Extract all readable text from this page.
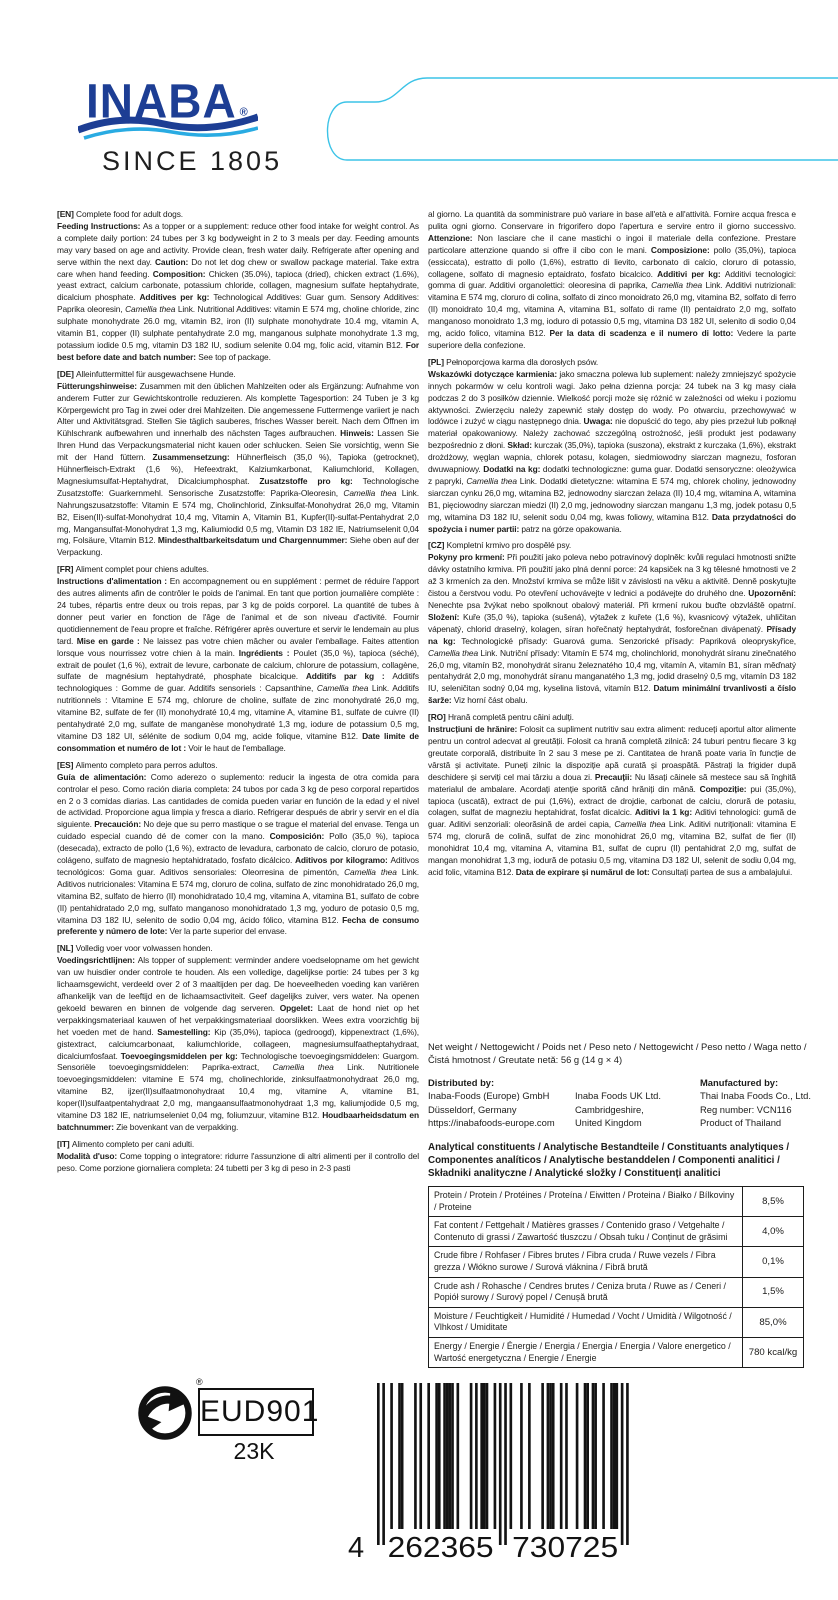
INABA ®
SINCE 1805
[EN] Complete food for adult dogs.
Feeding Instructions: As a topper or a supplement: reduce other food intake for weight control. As a complete daily portion: 24 tubes per 3 kg bodyweight in 2 to 3 meals per day. Feeding amounts may vary based on age and activity. Provide clean, fresh water daily. Refrigerate after opening and serve within the next day. Caution: Do not let dog chew or swallow package material. Take extra care when hand feeding. Composition: Chicken (35.0%), tapioca (dried), chicken extract (1.6%), yeast extract, calcium carbonate, potassium chloride, collagen, magnesium sulfate heptahydrate, dicalcium phosphate. Additives per kg: Technological Additives: Guar gum. Sensory Additives: Paprika oleoresin, Camellia thea Link. Nutritional Additives: vitamin E 574 mg, choline chloride, zinc sulphate monohydrate 26.0 mg, vitamin B2, iron (II) sulphate monohydrate 10.4 mg, vitamin A, vitamin B1, copper (II) sulphate pentahydrate 2.0 mg, manganous sulphate monohydrate 1.3 mg, potassium iodide 0.5 mg, vitamin D3 182 IU, sodium selenite 0.04 mg, folic acid, vitamin B12. For best before date and batch number: See top of package.
[DE] Alleinfuttermittel für ausgewachsene Hunde.
Fütterungshinweise: Zusammen mit den üblichen Mahlzeiten oder als Ergänzung: Aufnahme von anderem Futter zur Gewichtskontrolle reduzieren. Als komplette Tagesportion: 24 Tuben je 3 kg Körpergewicht pro Tag in zwei oder drei Mahlzeiten. Die angemessene Futtermenge variiert je nach Alter und Aktivitätsgrad. Stellen Sie täglich sauberes, frisches Wasser bereit. Nach dem Öffnen im Kühlschrank aufbewahren und innerhalb des nächsten Tages aufbrauchen. Hinweis: Lassen Sie Ihren Hund das Verpackungsmaterial nicht kauen oder schlucken. Seien Sie vorsichtig, wenn Sie mit der Hand füttern. Zusammensetzung: Hühnerfleisch (35,0 %), Tapioka (getrocknet), Hühnerfleisch-Extrakt (1,6 %), Hefeextrakt, Kalziumkarbonat, Kaliumchlorid, Kollagen, Magnesiumsulfat-Heptahydrat, Dicalciumphosphat. Zusatzstoffe pro kg: Technologische Zusatzstoffe: Guarkernmehl. Sensorische Zusatzstoffe: Paprika-Oleoresin, Camellia thea Link. Nahrungszusatzstoffe: Vitamin E 574 mg, Cholinchlorid, Zinksulfat-Monohydrat 26,0 mg, Vitamin B2, Eisen(II)-sulfat-Monohydrat 10,4 mg, Vitamin A, Vitamin B1, Kupfer(II)-sulfat-Pentahydrat 2,0 mg, Mangansulfat-Monohydrat 1,3 mg, Kaliumiodid 0,5 mg, Vitamin D3 182 IE, Natriumselenit 0,04 mg, Folsäure, Vitamin B12. Mindesthaltbarkeitsdatum und Chargennummer: Siehe oben auf der Verpackung.
[FR] Aliment complet pour chiens adultes.
Instructions d'alimentation : En accompagnement ou en supplément : permet de réduire l'apport des autres aliments afin de contrôler le poids de l'animal. En tant que portion journalière complète : 24 tubes, répartis entre deux ou trois repas, par 3 kg de poids corporel. La quantité de tubes à donner peut varier en fonction de l'âge de l'animal et de son niveau d'activité. Fournir quotidiennement de l'eau propre et fraîche. Réfrigérer après ouverture et servir le lendemain au plus tard. Mise en garde : Ne laissez pas votre chien mâcher ou avaler l'emballage. Faites attention lorsque vous nourrissez votre chien à la main. Ingrédients : Poulet (35,0 %), tapioca (séché), extrait de poulet (1,6 %), extrait de levure, carbonate de calcium, chlorure de potassium, collagène, sulfate de magnésium heptahydraté, phosphate bicalcique. Additifs par kg : Additifs technologiques : Gomme de guar. Additifs sensoriels : Capsanthine, Camellia thea Link. Additifs nutritionnels : Vitamine E 574 mg, chlorure de choline, sulfate de zinc monohydraté 26,0 mg, vitamine B2, sulfate de fer (II) monohydraté 10,4 mg, vitamine A, vitamine B1, sulfate de cuivre (II) pentahydraté 2,0 mg, sulfate de manganèse monohydraté 1,3 mg, iodure de potassium 0,5 mg, vitamine D3 182 UI, sélénite de sodium 0,04 mg, acide folique, vitamine B12. Date limite de consommation et numéro de lot : Voir le haut de l'emballage.
[ES] Alimento completo para perros adultos.
Guía de alimentación: Como aderezo o suplemento: reducir la ingesta de otra comida para controlar el peso. Como ración diaria completa: 24 tubos por cada 3 kg de peso corporal repartidos en 2 o 3 comidas diarias. Las cantidades de comida pueden variar en función de la edad y el nivel de actividad. Proporcione agua limpia y fresca a diario. Refrigerar después de abrir y servir en el día siguiente. Precaución: No deje que su perro mastique o se trague el material del envase. Tenga un cuidado especial cuando dé de comer con la mano. Composición: Pollo (35,0 %), tapioca (desecada), extracto de pollo (1,6 %), extracto de levadura, carbonato de calcio, cloruro de potasio, colágeno, sulfato de magnesio heptahidratado, fosfato dicálcico. Aditivos por kilogramo: Aditivos tecnológicos: Goma guar. Aditivos sensoriales: Oleorresina de pimentón, Camellia thea Link. Aditivos nutricionales: Vitamina E 574 mg, cloruro de colina, sulfato de zinc monohidratado 26,0 mg, vitamina B2, sulfato de hierro (II) monohidratado 10,4 mg, vitamina A, vitamina B1, sulfato de cobre (II) pentahidratado 2,0 mg, sulfato manganoso monohidratado 1,3 mg, yoduro de potasio 0,5 mg, vitamina D3 182 IU, selenito de sodio 0,04 mg, ácido fólico, vitamina B12. Fecha de consumo preferente y número de lote: Ver la parte superior del envase.
[NL] Volledig voer voor volwassen honden.
Voedingsrichtlijnen: Als topper of supplement: verminder andere voedselopname om het gewicht van uw huisdier onder controle te houden. Als een volledige, dagelijkse portie: 24 tubes per 3 kg lichaamsgewicht, verdeeld over 2 of 3 maaltijden per dag. De hoeveelheden voeding kan variëren afhankelijk van de leeftijd en de lichaamsactiviteit. Geef dagelijks zuiver, vers water. Na openen gekoeld bewaren en binnen de volgende dag serveren. Opgelet: Laat de hond niet op het verpakkingsmateriaal kauwen of het verpakkingsmateriaal doorslikken. Wees extra voorzichtig bij het voeden met de hand. Samestelling: Kip (35,0%), tapioca (gedroogd), kippenextract (1,6%), gistextract, calciumcarbonaat, kaliumchloride, collageen, magnesiumsulfaatheptahydraat, dicalciumfosfaat. Toevoegingsmiddelen per kg: Technologische toevoegingsmiddelen: Guargom. Sensoriële toevoegingsmiddelen: Paprika-extract, Camellia thea Link. Nutritionele toevoegingsmiddelen: vitamine E 574 mg, cholinechloride, zinksulfaatmonohydraat 26,0 mg, vitamine B2, ijzer(II)sulfaatmonohydraat 10,4 mg, vitamine A, vitamine B1, koper(II)sulfaatpentahydraat 2,0 mg, mangaansulfaatmonohydraat 1,3 mg, kaliumjodide 0,5 mg, vitamine D3 182 IE, natriumseleniet 0,04 mg, foliumzuur, vitamine B12. Houdbaarheidsdatum en batchnummer: Zie bovenkant van de verpakking.
[IT] Alimento completo per cani adulti.
Modalità d'uso: Come topping o integratore: ridurre l'assunzione di altri alimenti per il controllo del peso. Come porzione giornaliera completa: 24 tubetti per 3 kg di peso in 2-3 pasti
al giorno. La quantità da somministrare può variare in base all'età e all'attività. Fornire acqua fresca e pulita ogni giorno. Conservare in frigorifero dopo l'apertura e servire entro il giorno successivo. Attenzione: Non lasciare che il cane mastichi o ingoi il materiale della confezione. Prestare particolare attenzione quando si offre il cibo con le mani. Composizione: pollo (35,0%), tapioca (essiccata), estratto di pollo (1,6%), estratto di lievito, carbonato di calcio, cloruro di potassio, collagene, solfato di magnesio eptaidrato, fosfato bicalcico. Additivi per kg: Additivi tecnologici: gomma di guar. Additivi organolettici: oleoresina di paprika, Camellia thea Link. Additivi nutrizionali: vitamina E 574 mg, cloruro di colina, solfato di zinco monoidrato 26,0 mg, vitamina B2, solfato di ferro (II) monoidrato 10,4 mg, vitamina A, vitamina B1, solfato di rame (II) pentaidrato 2,0 mg, solfato manganoso monoidrato 1,3 mg, ioduro di potassio 0,5 mg, vitamina D3 182 UI, selenito di sodio 0,04 mg, acido folico, vitamina B12. Per la data di scadenza e il numero di lotto: Vedere la parte superiore della confezione.
[PL] Pełnoporcjowa karma dla dorosłych psów.
Wskazówki dotyczące karmienia: jako smaczna polewa lub suplement: należy zmniejszyć spożycie innych pokarmów w celu kontroli wagi. Jako pełna dzienna porcja: 24 tubek na 3 kg masy ciała podczas 2 do 3 posiłków dziennie. Wielkość porcji może się różnić w zależności od wieku i poziomu aktywności. Zwierzęciu należy zapewnić stały dostęp do wody. Po otwarciu, przechowywać w lodówce i zużyć w ciągu następnego dnia. Uwaga: nie dopuścić do tego, aby pies przeżuł lub połknął materiał opakowaniowy. Należy zachować szczególną ostrożność, jeśli produkt jest podawany bezpośrednio z dłoni. Skład: kurczak (35,0%), tapioka (suszona), ekstrakt z kurczaka (1,6%), ekstrakt drożdżowy, węglan wapnia, chlorek potasu, kolagen, siedmiowodny siarczan magnezu, fosforan dwuwapniowy. Dodatki na kg: dodatki technologiczne: guma guar. Dodatki sensoryczne: oleożywica z papryki, Camellia thea Link. Dodatki dietetyczne: witamina E 574 mg, chlorek choliny, jednowodny siarczan cynku 26,0 mg, witamina B2, jednowodny siarczan żelaza (II) 10,4 mg, witamina A, witamina B1, pięciowodny siarczan miedzi (II) 2,0 mg, jednowodny siarczan manganu 1,3 mg, jodek potasu 0,5 mg, witamina D3 182 IU, selenit sodu 0,04 mg, kwas foliowy, witamina B12. Data przydatności do spożycia i numer partii: patrz na górze opakowania.
[CZ] Kompletní krmivo pro dospělé psy.
Pokyny pro krmení: Při použití jako poleva nebo potravinový doplněk: kvůli regulaci hmotnosti snižte dávky ostatního krmiva. Při použití jako plná denní porce: 24 kapsiček na 3 kg tělesné hmotnosti ve 2 až 3 krmeních za den. Množství krmiva se může lišit v závislosti na věku a aktivitě. Denně poskytujte čistou a čerstvou vodu. Po otevření uchovávejte v lednici a podávejte do druhého dne. Upozornění: Nenechte psa žvýkat nebo spolknout obalový materiál. Při krmení rukou buďte obzvláště opatrní. Složení: Kuře (35,0 %), tapioka (sušená), výtažek z kuřete (1,6 %), kvasnicový výtažek, uhličitan vápenatý, chlorid draselný, kolagen, síran hořečnatý heptahydrát, fosforečnan divápenatý. Přísady na kg: Technologické přísady: Guarová guma. Senzorické přísady: Papriková oleopryskyřice, Camellia thea Link. Nutriční přísady: Vitamín E 574 mg, cholinchlorid, monohydrát síranu zinečnatého 26,0 mg, vitamín B2, monohydrát síranu železnatého 10,4 mg, vitamín A, vitamín B1, síran měďnatý pentahydrát 2,0 mg, monohydrát síranu manganatého 1,3 mg, jodid draselný 0,5 mg, vitamín D3 182 IU, seleničitan sodný 0,04 mg, kyselina listová, vitamín B12. Datum minimální trvanlivosti a číslo šarže: Viz horní část obalu.
[RO] Hrană completă pentru câini adulți.
Instrucțiuni de hrănire: Folosit ca supliment nutritiv sau extra aliment: reduceți aportul altor alimente pentru un control adecvat al greutății. Folosit ca hrană completă zilnică: 24 tuburi pentru fiecare 3 kg greutate corporală, distribuite în 2 sau 3 mese pe zi. Cantitatea de hrană poate varia în funcție de vârstă și activitate. Puneți zilnic la dispoziție apă curată și proaspătă. Păstrați la frigider după deschidere și serviți cel mai târziu a doua zi. Precauții: Nu lăsați câinele să mestece sau să înghită materialul de ambalare. Acordați atenție sporită când hrăniți din mână. Compoziție: pui (35,0%), tapioca (uscată), extract de pui (1,6%), extract de drojdie, carbonat de calciu, clorură de potasiu, colagen, sulfat de magneziu heptahidrat, fosfat dicalcic. Aditivi la 1 kg: Aditivi tehnologici: gumă de guar. Aditivi senzoriali: oleorăsină de ardei capia, Camellia thea Link. Aditivi nutriționali: vitamina E 574 mg, clorură de colină, sulfat de zinc monohidrat 26,0 mg, vitamina B2, sulfat de fier (II) monohidrat 10,4 mg, vitamina A, vitamina B1, sulfat de cupru (II) pentahidrat 2,0 mg, sulfat de mangan monohidrat 1,3 mg, iodură de potasiu 0,5 mg, vitamina D3 182 UI, selenit de sodiu 0,04 mg, acid folic, vitamina B12. Data de expirare și numărul de lot: Consultați partea de sus a ambalajului.
Net weight / Nettogewicht / Poids net / Peso neto / Nettogewicht / Peso netto / Waga netto / Čistá hmotnost / Greutate netă: 56 g (14 g × 4)
Distributed by:
Inaba-Foods (Europe) GmbH
Düsseldorf, Germany
https://inabafoods-europe.com
Inaba Foods UK Ltd.
Cambridgeshire,
United Kingdom
Manufactured by:
Thai Inaba Foods Co., Ltd.
Reg number: VCN116
Product of Thailand
Analytical constituents / Analytische Bestandteile / Constituants analytiques / Componentes analíticos / Analytische bestanddelen / Componenti analitici / Składniki analityczne / Analytické složky / Constituenți analitici
Protein / Protein / Protéines / Proteína / Eiwitten / Proteina / Białko / Bílkoviny / Proteine	8,5%
Fat content / Fettgehalt / Matières grasses / Contenido graso / Vetgehalte / Contenuto di grassi / Zawartość tłuszczu / Obsah tuku / Conținut de grăsimi	4,0%
Crude fibre / Rohfaser / Fibres brutes / Fibra cruda / Ruwe vezels / Fibra grezza / Włókno surowe / Surová vláknina / Fibră brută	0,1%
Crude ash / Rohasche / Cendres brutes / Ceniza bruta / Ruwe as / Ceneri / Popiół surowy / Surový popel / Cenușă brută	1,5%
Moisture / Feuchtigkeit / Humidité / Humedad / Vocht / Umidità / Wilgotność / Vlhkost / Umiditate	85,0%
Energy / Energie / Énergie / Energia / Energia / Energia / Valore energetico / Wartość energetyczna / Energie / Energie	780 kcal/kg
®
EUD901
23K
4 262365 730725
